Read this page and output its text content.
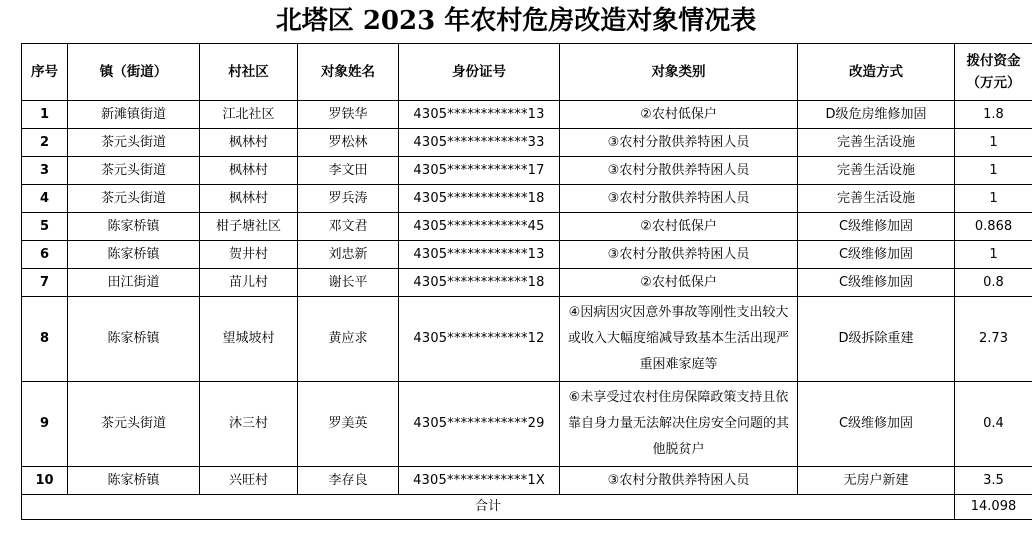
北塔区 2023 年农村危房改造对象情况表
序号	镇（街道）	村社区	对象姓名	身份证号	对象类别	改造方式	拨付资金
（万元）

1	新滩镇街道	江北社区	罗铁华	4305************13	②农村低保户	D级危房维修加固	1.8
2	茶元头街道	枫林村	罗松林	4305************33	③农村分散供养特困人员	完善生活设施	1
3	茶元头街道	枫林村	李文田	4305************17	③农村分散供养特困人员	完善生活设施	1
4	茶元头街道	枫林村	罗兵涛	4305************18	③农村分散供养特困人员	完善生活设施	1
5	陈家桥镇	柑子塘社区	邓文君	4305************45	②农村低保户	C级维修加固	0.868
6	陈家桥镇	贺井村	刘忠新	4305************13	③农村分散供养特困人员	C级维修加固	1
7	田江街道	苗儿村	谢长平	4305************18	②农村低保户	C级维修加固	0.8
8	陈家桥镇	望城坡村	黄应求	4305************12	④因病因灾因意外事故等刚性支出较大或收入大幅度缩减导致基本生活出现严重困难家庭等	D级拆除重建	2.73
9	茶元头街道	沐三村	罗美英	4305************29	⑥未享受过农村住房保障政策支持且依靠自身力量无法解决住房安全问题的其他脱贫户	C级维修加固	0.4
10	陈家桥镇	兴旺村	李存良	4305************1X	③农村分散供养特困人员	无房户新建	3.5
合计							14.098
